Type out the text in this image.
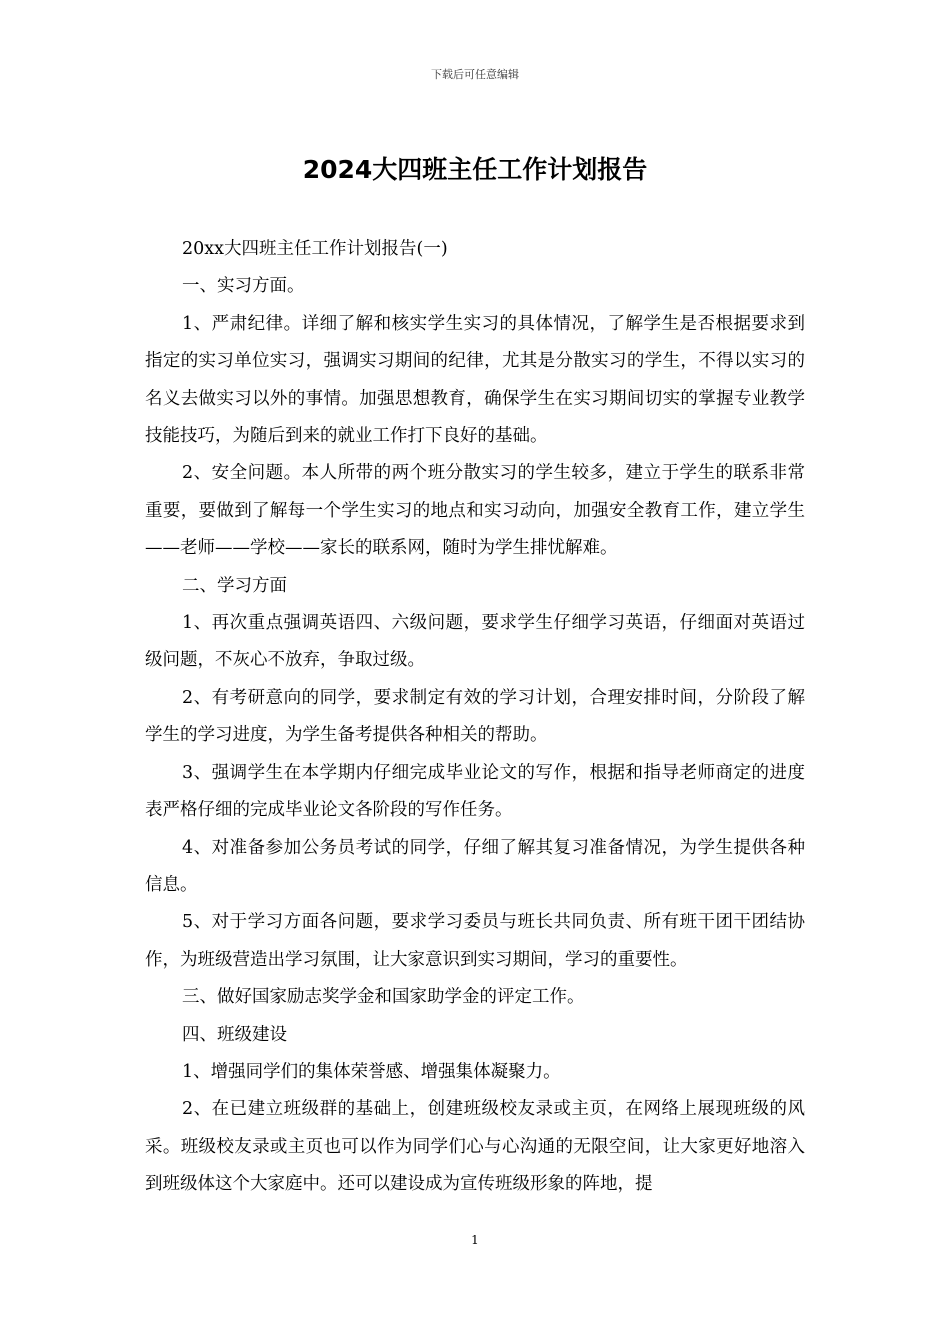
下载后可任意编辑
2024大四班主任工作计划报告

20xx大四班主任工作计划报告(一)

一、实习方面。

1、严肃纪律。详细了解和核实学生实习的具体情况，了解学生是否根据要求到指定的实习单位实习，强调实习期间的纪律，尤其是分散实习的学生，不得以实习的名义去做实习以外的事情。加强思想教育，确保学生在实习期间切实的掌握专业教学技能技巧，为随后到来的就业工作打下良好的基础。

2、安全问题。本人所带的两个班分散实习的学生较多，建立于学生的联系非常重要，要做到了解每一个学生实习的地点和实习动向，加强安全教育工作，建立学生——老师——学校——家长的联系网，随时为学生排忧解难。

二、学习方面

1、再次重点强调英语四、六级问题，要求学生仔细学习英语，仔细面对英语过级问题，不灰心不放弃，争取过级。

2、有考研意向的同学，要求制定有效的学习计划，合理安排时间，分阶段了解学生的学习进度，为学生备考提供各种相关的帮助。

3、强调学生在本学期内仔细完成毕业论文的写作，根据和指导老师商定的进度表严格仔细的完成毕业论文各阶段的写作任务。

4、对准备参加公务员考试的同学，仔细了解其复习准备情况，为学生提供各种信息。

5、对于学习方面各问题，要求学习委员与班长共同负责、所有班干团干团结协作，为班级营造出学习氛围，让大家意识到实习期间，学习的重要性。

三、做好国家励志奖学金和国家助学金的评定工作。

四、班级建设

1、增强同学们的集体荣誉感、增强集体凝聚力。

2、在已建立班级群的基础上，创建班级校友录或主页，在网络上展现班级的风采。班级校友录或主页也可以作为同学们心与心沟通的无限空间，让大家更好地溶入到班级体这个大家庭中。还可以建设成为宣传班级形象的阵地，提

1
